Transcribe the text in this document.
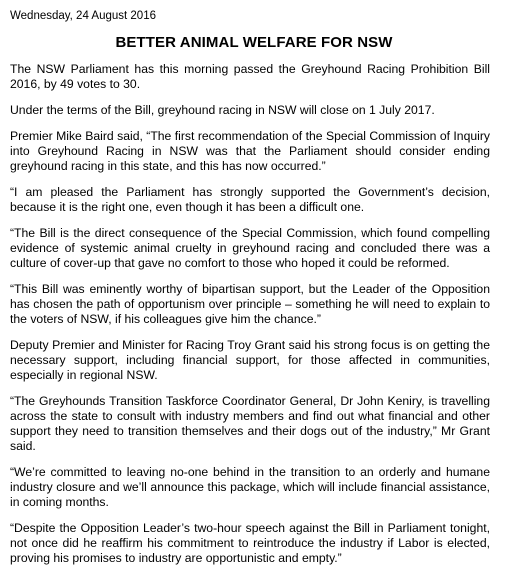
Wednesday, 24 August 2016

BETTER ANIMAL WELFARE FOR NSW

The NSW Parliament has this morning passed the Greyhound Racing Prohibition Bill 2016, by 49 votes to 30.

Under the terms of the Bill, greyhound racing in NSW will close on 1 July 2017.

Premier Mike Baird said, “The first recommendation of the Special Commission of Inquiry into Greyhound Racing in NSW was that the Parliament should consider ending greyhound racing in this state, and this has now occurred.”

“I am pleased the Parliament has strongly supported the Government’s decision, because it is the right one, even though it has been a difficult one.

“The Bill is the direct consequence of the Special Commission, which found compelling evidence of systemic animal cruelty in greyhound racing and concluded there was a culture of cover-up that gave no comfort to those who hoped it could be reformed.

“This Bill was eminently worthy of bipartisan support, but the Leader of the Opposition has chosen the path of opportunism over principle – something he will need to explain to the voters of NSW, if his colleagues give him the chance.”

Deputy Premier and Minister for Racing Troy Grant said his strong focus is on getting the necessary support, including financial support, for those affected in communities, especially in regional NSW.

“The Greyhounds Transition Taskforce Coordinator General, Dr John Keniry, is travelling across the state to consult with industry members and find out what financial and other support they need to transition themselves and their dogs out of the industry,” Mr Grant said.

“We’re committed to leaving no-one behind in the transition to an orderly and humane industry closure and we’ll announce this package, which will include financial assistance, in coming months.

“Despite the Opposition Leader’s two-hour speech against the Bill in Parliament tonight, not once did he reaffirm his commitment to reintroduce the industry if Labor is elected, proving his promises to industry are opportunistic and empty.”
